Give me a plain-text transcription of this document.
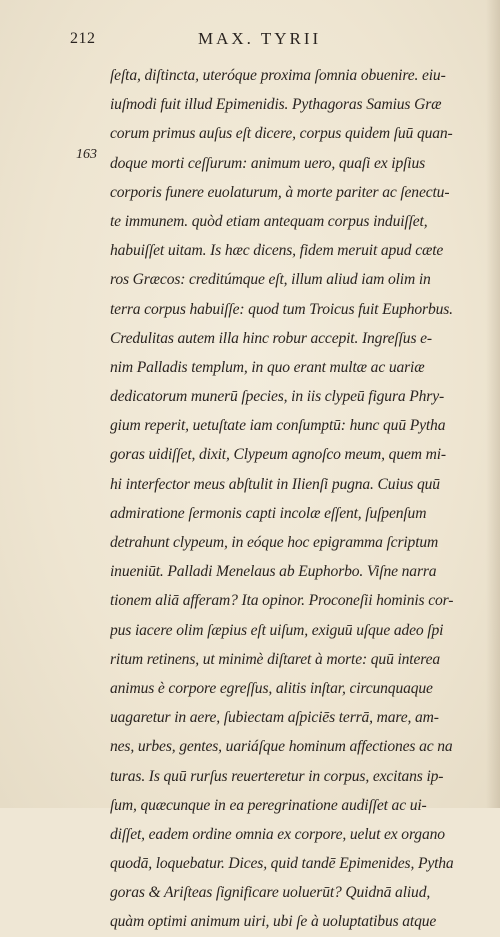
212	MAX. TYRII
163
ſeſta, diſtincta, uteróque proxima ſomnia obuenire. eiu-
iuſmodi fuit illud Epimenidis. Pythagoras Samius Græ
corum primus auſus eſt dicere, corpus quidem ſuū quan-
doque morti ceſſurum: animum uero, quaſi ex ipſius
corporis funere euolaturum, à morte pariter ac ſenectu-
te immunem. quòd etiam antequam corpus induiſſet,
habuiſſet uitam. Is hæc dicens, fidem meruit apud cæte
ros Græcos: creditúmque eſt, illum aliud iam olim in
terra corpus habuiſſe: quod tum Troicus fuit Euphorbus.
Credulitas autem illa hinc robur accepit. Ingreſſus e-
nim Palladis templum, in quo erant multæ ac uariæ
dedicatorum munerū ſpecies, in iis clypeū figura Phry-
gium reperit, uetuſtate iam conſumptū: hunc quū Pytha
goras uidiſſet, dixit, Clypeum agnoſco meum, quem mi-
hi interfector meus abſtulit in Ilienſi pugna. Cuius quū
admiratione ſermonis capti incolæ eſſent, ſuſpenſum
detrahunt clypeum, in eóque hoc epigramma ſcriptum
inueniūt. Palladi Menelaus ab Euphorbo. Viſne narra
tionem aliā afferam? Ita opinor. Proconeſii hominis cor-
pus iacere olim ſæpius eſt uiſum, exiguū uſque adeo ſpi
ritum retinens, ut minimè diſtaret à morte: quū interea
animus è corpore egreſſus, alitis inſtar, circunquaque
uagaretur in aere, ſubiectam aſpiciēs terrā, mare, am-
nes, urbes, gentes, uariáſque hominum affectiones ac na
turas. Is quū rurſus reuerteretur in corpus, excitans ip-
ſum, quæcunque in ea peregrinatione audiſſet ac ui-
diſſet, eadem ordine omnia ex corpore, uelut ex organo
quodā, loquebatur. Dices, quid tandē Epimenides, Pytha
goras & Ariſteas ſignificare uoluerūt? Quidnā aliud,
quàm optimi animum uiri, ubi ſe à uoluptatibus atque
